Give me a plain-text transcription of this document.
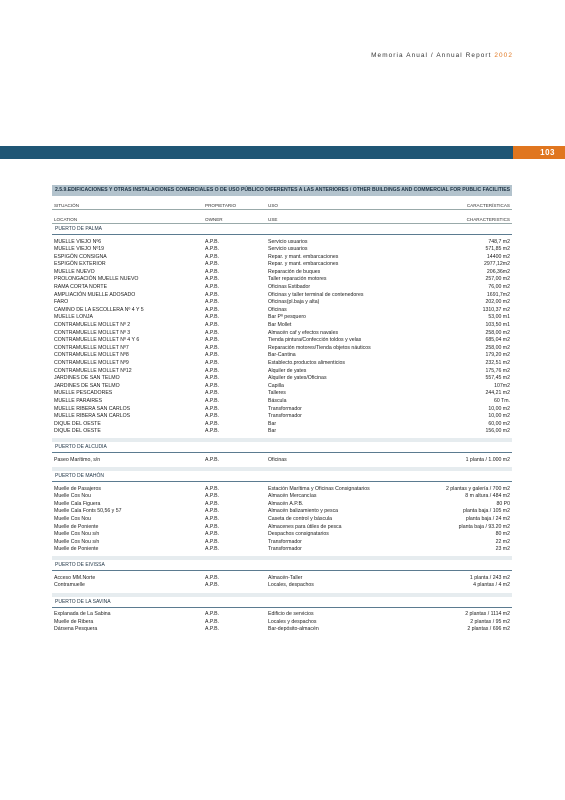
Memoria Anual / Annual Report 2002
103
2.5.9.EDIFICACIONES Y OTRAS INSTALACIONES COMERCIALES O DE USO PÚBLICO DIFERENTES A LAS ANTERIORES / OTHER BUILDINGS AND COMMERCIAL FOR PUBLIC FACILITIES
SITUACIÓN	PROPIETARIO	USO	CARACTERÍSTICAS
LOCATION	OWNER	USE	CHARACTERISTICS
PUERTO DE PALMA
MUELLE VIEJO Nº6	A.P.B.	Servicio usuarios	748,7 m2
MUELLE VIEJO Nº19	A.P.B.	Servicio usuarios	571,85 m2
ESPIGÓN CONSIGNA	A.P.B.	Repar. y mant. embarcaciones	14400 m2
ESPIGÓN EXTERIOR	A.P.B.	Repar. y mant. embarcaciones	2977,12m2
MUELLE NUEVO	A.P.B.	Reparación de buques	206,36m2
PROLONGACIÓN MUELLE NUEVO	A.P.B.	Taller reparación motores	257,00 m2
RAMA CORTA NORTE	A.P.B.	Oficinas Estibador	76,00 m2
AMPLIACIÓN MUELLE ADOSADO	A.P.B.	Oficinas y taller terminal de contenedores	1691,7m2
FARO	A.P.B.	Oficinas(pl.baja y alta)	202,00 m2
CAMINO DE LA ESCOLLERA Nº 4 Y 5	A.P.B.	Oficinas	1310,37 m2
MUELLE LONJA	A.P.B.	Bar Pº pesquero	53,00 m1
CONTRAMUELLE MOLLET Nº 2	A.P.B.	Bar Mollet	103,50 m1
CONTRAMUELLE MOLLET Nº 3	A.P.B.	Almacén caf y efectos navales	258,00 m2
CONTRAMUELLE MOLLET Nº 4 Y 6	A.P.B.	Tienda pintura/Confección toldos y velas	685,04 m2
CONTRAMUELLE MOLLET Nº7	A.P.B.	Reparación motores/Tienda objetos náuticos	258,00 m2
CONTRAMUELLE MOLLET Nº8	A.P.B.	Bar-Cantina	179,20 m2
CONTRAMUELLE MOLLET Nº9	A.P.B.	Establecto.productos alimenticios	232,51 m2
CONTRAMUELLE MOLLET Nº12	A.P.B.	Alquiler de yates	175,76 m2
JARDINES DE SAN TELMO	A.P.B.	Alquiler de yates/Oficinas	557,45 m2
JARDINES DE SAN TELMO	A.P.B.	Capilla	107m2
MUELLE PESCADORES	A.P.B.	Talleres	244,21 m2
MUELLE PARAIRES	A.P.B.	Báscula	60 Tm.
MUELLE RIBERA SAN CARLOS	A.P.B.	Transformador	10,00 m2
MUELLE RIBERA SAN CARLOS	A.P.B.	Transformador	10,00 m2
DIQUE DEL OESTE	A.P.B.	Bar	60,00 m2
DIQUE DEL OESTE	A.P.B.	Bar	156,00 m2
PUERTO DE ALCUDIA
Paseo Marítimo, s/n	A.P.B.	Oficinas	1 planta / 1.000 m2
PUERTO DE MAHÓN
Muelle de Pasajeros	A.P.B.	Estación Marítima y Oficinas Consignatarios	2 plantas y galería / 700 m2
Muelle Cos Nou	A.P.B.	Almacén Mercancías	8 m altura / 484 m2
Muelle Cala Figuera	A.P.B.	Almacén A.P.B.	80 P0
Muelle Cala Fonts 50,56 y 57	A.P.B.	Almacén balizamiento y pesca	planta baja / 105 m2
Muelle Cos Nou	A.P.B.	Caseta de control y báscula	planta baja / 24 m2
Muelle de Poniente	A.P.B.	Almacenes para útiles de pesca	planta baja / 93.20 m2
Muelle Cos Nou s/n	A.P.B.	Despachos consignatarios	80 m2
Muelle Cos Nou s/n	A.P.B.	Transformador	22 m2
Muelle de Poniente	A.P.B.	Transformador	23 m2
PUERTO DE EIVISSA
Acceso MM.Norte	A.P.B.	Almacén-Taller	1 planta / 243 m2
Contramuelle	A.P.B.	Locales, despachos	4 plantas / 4 m2
PUERTO DE LA SAVINA
Explanada de La Sabina	A.P.B.	Edificio de servicios	2 plantas / 1114 m2
Muelle de Ribera	A.P.B.	Locales y despachos	2 plantas / 95 m2
Dársena Pesquera	A.P.B.	Bar-depósito-almacén	2 plantas / 696 m2
